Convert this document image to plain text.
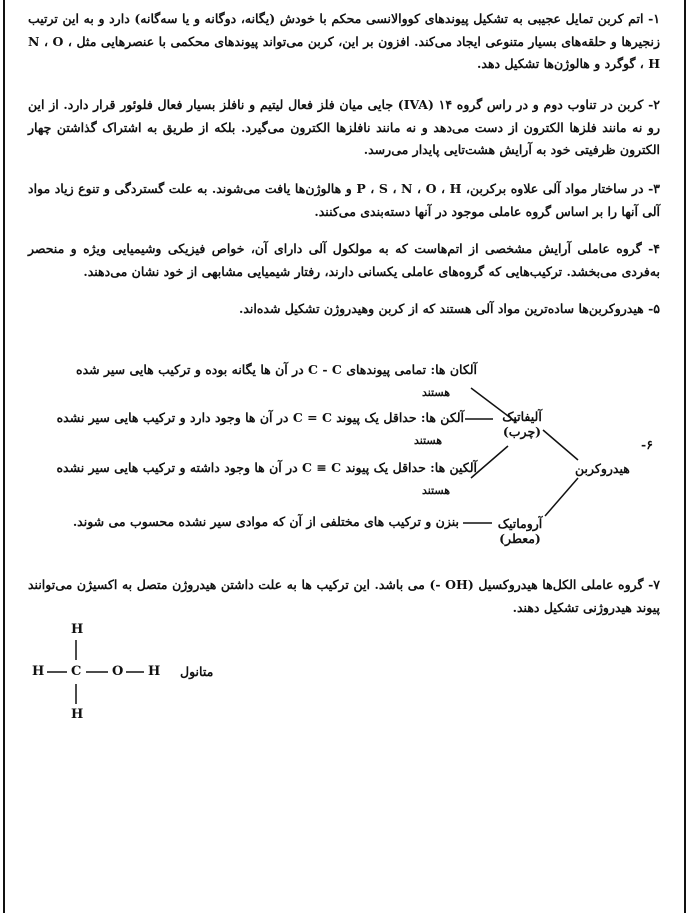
۱- اتم کربن تمایل عجیبی به تشکیل پیوندهای کووالانسی محکم با خودش (یگانه، دوگانه و یا سه‌گانه) دارد و به این ترتیب زنجیرها و حلقه‌های بسیار متنوعی ایجاد می‌کند. افزون بر این، کربن می‌تواند پیوندهای محکمی با عنصرهایی مثل N ، O ، H ، گوگرد و هالوژن‌ها تشکیل دهد.
۲- کربن در تناوب دوم و در راس گروه ۱۴ (IVA) جایی میان فلز فعال لیتیم و نافلز بسیار فعال فلوئور قرار دارد. از این رو نه مانند فلزها الکترون از دست می‌دهد و نه مانند نافلزها الکترون می‌گیرد. بلکه از طریق به اشتراک گذاشتن چهار الکترون ظرفیتی خود به آرایش هشت‌تایی پایدار می‌رسد.
۳- در ساختار مواد آلی علاوه برکربن، P ، S ، N ، O ، H و هالوژن‌ها یافت می‌شوند. به علت گستردگی و تنوع زیاد مواد آلی آنها را بر اساس گروه عاملی موجود در آنها دسته‌بندی می‌کنند.
۴- گروه عاملی آرایش مشخصی از اتم‌هاست که به مولکول آلی دارای آن، خواص فیزیکی وشیمیایی ویژه و منحصر به‌فردی می‌بخشد. ترکیب‌هایی که گروه‌های عاملی یکسانی دارند، رفتار شیمیایی مشابهی از خود نشان می‌دهند.
۵- هیدروکربن‌ها ساده‌ترین مواد آلی هستند که از کربن وهیدروژن تشکیل شده‌اند.
آلکان ها: تمامی پیوندهای C - C در آن ها یگانه بوده و ترکیب هایی سیر شده
هستند
آلکن ها: حداقل یک پیوند C = C در آن ها وجود دارد و ترکیب هایی سیر نشده
هستند
آلکین ها: حداقل یک پیوند C ≡ C در آن ها وجود داشته و ترکیب هایی سیر نشده
هستند
آلیفاتیک
(چرب)
هیدروکربن
۶-
بنزن و ترکیب های مختلفی از آن که موادی سیر نشده محسوب می شوند.	آروماتیک
(معطر)
۷- گروه عاملی الکل‌ها هیدروکسیل (OH -) می باشد. این ترکیب ها به علت داشتن هیدروژن متصل به اکسیژن می‌توانند پیوند هیدروژنی تشکیل دهند.
H
H C O H
H
متانول
